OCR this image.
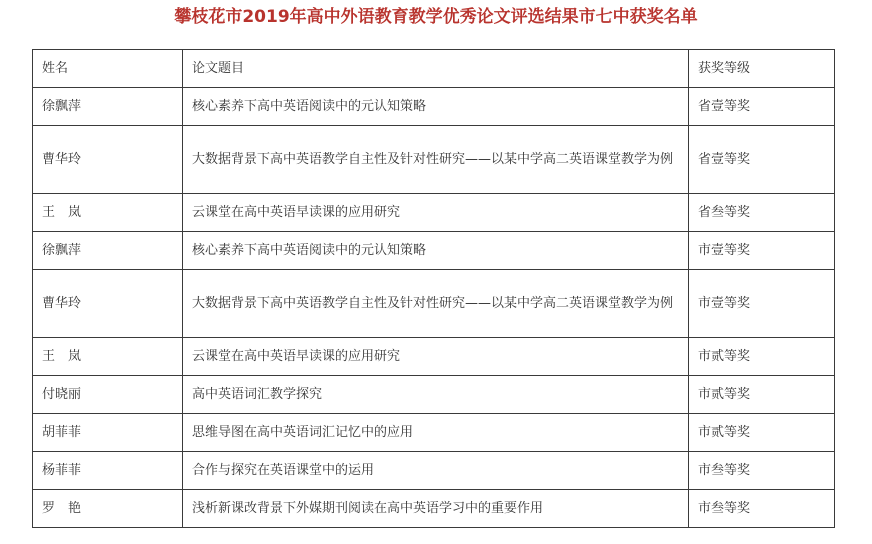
攀枝花市2019年高中外语教育教学优秀论文评选结果市七中获奖名单
姓名	论文题目	获奖等级
徐飘萍	核心素养下高中英语阅读中的元认知策略	省壹等奖
曹华玲	大数据背景下高中英语教学自主性及针对性研究——以某中学高二英语课堂教学为例	省壹等奖
王　岚	云课堂在高中英语早读课的应用研究	省叁等奖
徐飘萍	核心素养下高中英语阅读中的元认知策略	市壹等奖
曹华玲	大数据背景下高中英语教学自主性及针对性研究——以某中学高二英语课堂教学为例	市壹等奖
王　岚	云课堂在高中英语早读课的应用研究	市贰等奖
付晓丽	高中英语词汇教学探究	市贰等奖
胡菲菲	思维导图在高中英语词汇记忆中的应用	市贰等奖
杨菲菲	合作与探究在英语课堂中的运用	市叁等奖
罗　艳	浅析新课改背景下外媒期刊阅读在高中英语学习中的重要作用	市叁等奖
